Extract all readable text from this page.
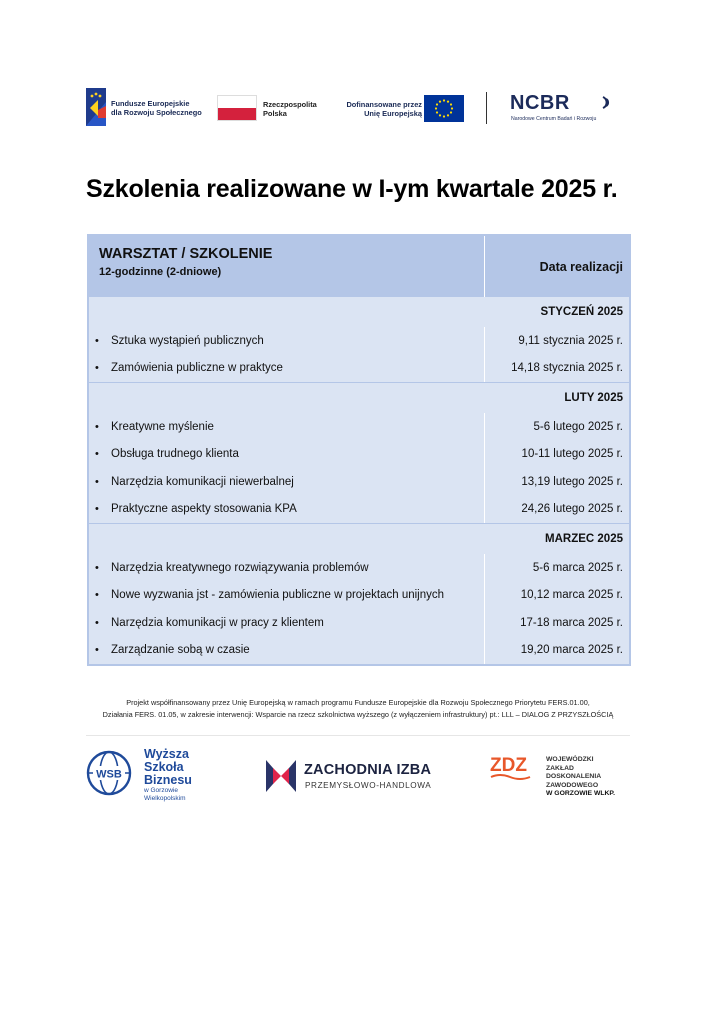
Fundusze Europejskie
dla Rozwoju Społecznego
Rzeczpospolita
Polska
Dofinansowane przez
Unię Europejską	NCBR
Narodowe Centrum Badań i Rozwoju
Szkolenia realizowane w I-ym kwartale 2025 r.
WARSZTAT / SZKOLENIE
12-godzinne (2-dniowe)	Data realizacji
STYCZEŃ 2025
•	Sztuka wystąpień publicznych	9,11 stycznia 2025 r.
•	Zamówienia publiczne w praktyce	14,18 stycznia 2025 r.
LUTY 2025
•	Kreatywne myślenie	5-6 lutego 2025 r.
•	Obsługa trudnego klienta	10-11 lutego 2025 r.
•	Narzędzia komunikacji niewerbalnej	13,19 lutego 2025 r.
•	Praktyczne aspekty stosowania KPA	24,26 lutego 2025 r.
MARZEC 2025
•	Narzędzia kreatywnego rozwiązywania problemów	5-6 marca 2025 r.
•	Nowe wyzwania jst - zamówienia publiczne w projektach unijnych	10,12 marca 2025 r.
•	Narzędzia komunikacji w pracy z klientem	17-18 marca 2025 r.
•	Zarządzanie sobą w czasie	19,20 marca 2025 r.
Projekt współfinansowany przez Unię Europejską w ramach programu Fundusze Europejskie dla Rozwoju Społecznego Priorytetu FERS.01.00,
Działania FERS. 01.05, w zakresie interwencji: Wsparcie na rzecz szkolnictwa wyższego (z wyłączeniem infrastruktury) pt.: LLL – DIALOG Z PRZYSZŁOŚCIĄ
WSB
Wyższa
Szkoła
Biznesu
w Gorzowie
Wielkopolskim
ZACHODNIA IZBA
PRZEMYSŁOWO-HANDLOWA
ZDZ	WOJEWÓDZKI
ZAKŁAD
DOSKONALENIA
ZAWODOWEGO
W GORZOWIE WLKP.
